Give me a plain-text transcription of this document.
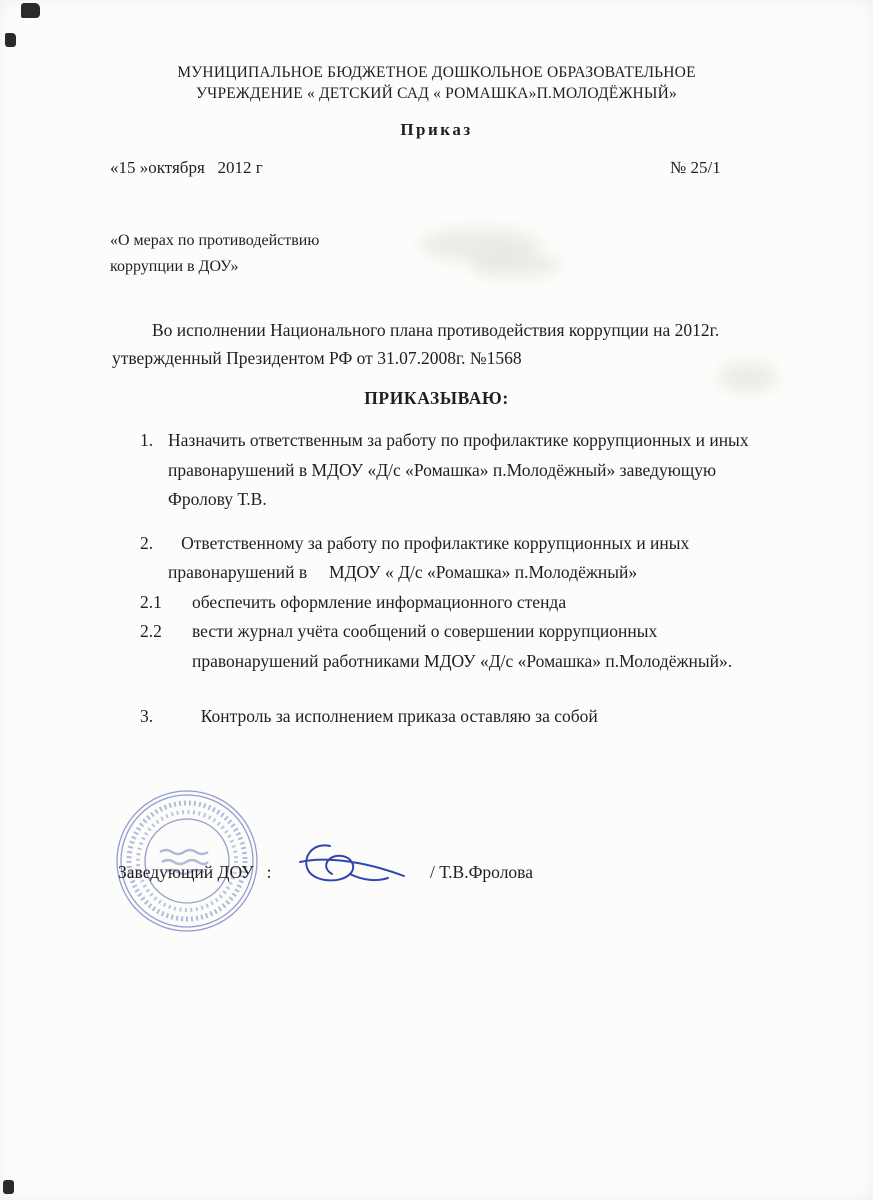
МУНИЦИПАЛЬНОЕ БЮДЖЕТНОЕ ДОШКОЛЬНОЕ ОБРАЗОВАТЕЛЬНОЕ
УЧРЕЖДЕНИЕ « ДЕТСКИЙ САД « РОМАШКА»П.МОЛОДЁЖНЫЙ»
Приказ
«15 »октября   2012 г	№ 25/1
«О мерах по противодействию
коррупции в ДОУ»
Во исполнении Национального плана противодействия коррупции на 2012г. утвержденный Президентом РФ от 31.07.2008г. №1568
ПРИКАЗЫВАЮ:
1. Назначить ответственным за работу по профилактике коррупционных и иных правонарушений в МДОУ «Д/с «Ромашка» п.Молодёжный» заведующую Фролову Т.В.
2. Ответственному за работу по профилактике коррупционных и иных правонарушений в     МДОУ « Д/с «Ромашка» п.Молодёжный»
2.1	обеспечить оформление информационного стенда
2.2	вести журнал учёта сообщений о совершении коррупционных правонарушений работниками МДОУ «Д/с «Ромашка» п.Молодёжный».
3.	Контроль за исполнением приказа оставляю за собой
Заведующий ДОУ   :	/ Т.В.Фролова
